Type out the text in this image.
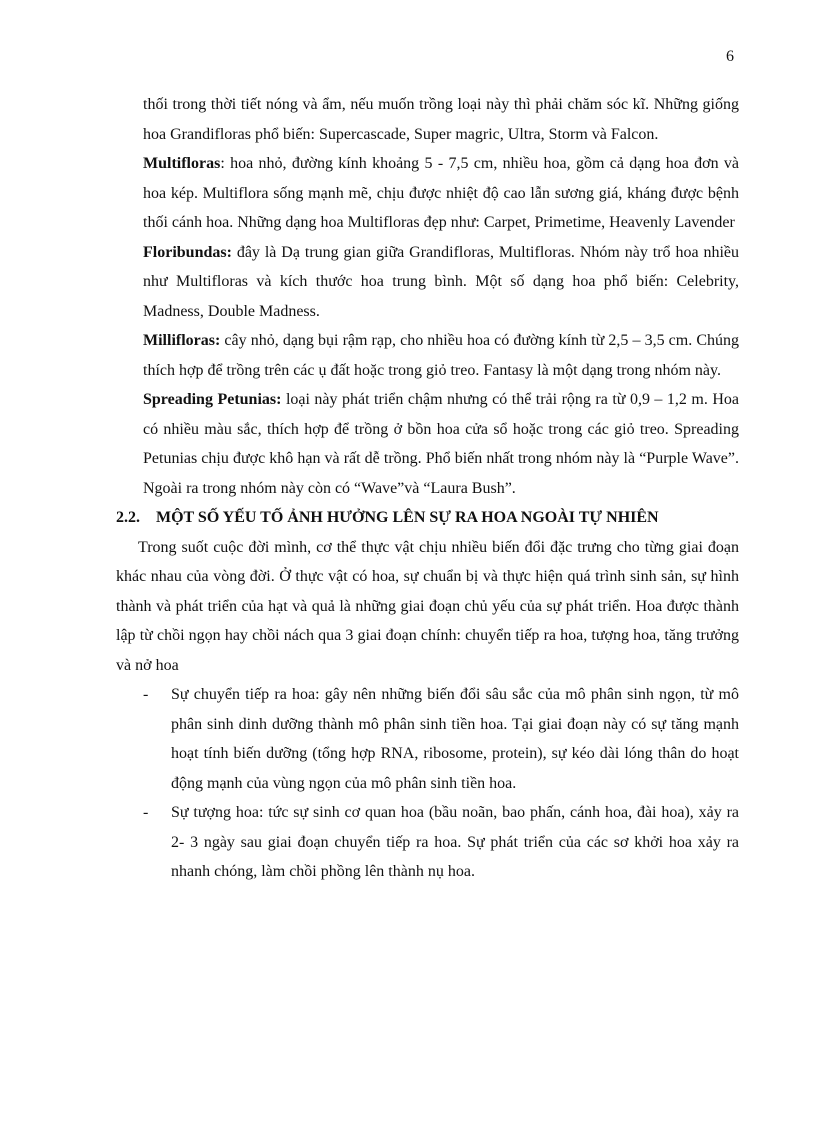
6

thối trong thời tiết nóng và ẩm, nếu muốn trồng loại này thì phải chăm sóc kĩ. Những giống hoa Grandifloras phổ biến: Supercascade, Super magric, Ultra, Storm và Falcon.

Multifloras: hoa nhỏ, đường kính khoảng 5 - 7,5 cm, nhiều hoa, gồm cả dạng hoa đơn và hoa kép. Multiflora sống mạnh mẽ, chịu được nhiệt độ cao lẫn sương giá, kháng được bệnh thối cánh hoa. Những dạng hoa Multifloras đẹp như: Carpet, Primetime, Heavenly Lavender

Floribundas: đây là Dạ trung gian giữa Grandifloras, Multifloras. Nhóm này trổ hoa nhiều như Multifloras và kích thước hoa trung bình. Một số dạng hoa phổ biến: Celebrity, Madness, Double Madness.

Millifloras: cây nhỏ, dạng bụi rậm rạp, cho nhiều hoa có đường kính từ 2,5 – 3,5 cm. Chúng thích hợp để trồng trên các ụ đất hoặc trong giỏ treo. Fantasy là một dạng trong nhóm này.

Spreading Petunias: loại này phát triển chậm nhưng có thể trải rộng ra từ 0,9 – 1,2 m. Hoa có nhiều màu sắc, thích hợp để trồng ở bồn hoa cửa sổ hoặc trong các giỏ treo. Spreading Petunias chịu được khô hạn và rất dễ trồng. Phổ biến nhất trong nhóm này là “Purple Wave”. Ngoài ra trong nhóm này còn có “Wave”và “Laura Bush”.

2.2. MỘT SỐ YẾU TỐ ẢNH HƯỞNG LÊN SỰ RA HOA NGOÀI TỰ NHIÊN

Trong suốt cuộc đời mình, cơ thể thực vật chịu nhiều biến đổi đặc trưng cho từng giai đoạn khác nhau của vòng đời. Ở thực vật có hoa, sự chuẩn bị và thực hiện quá trình sinh sản, sự hình thành và phát triển của hạt và quả là những giai đoạn chủ yếu của sự phát triển. Hoa được thành lập từ chồi ngọn hay chồi nách qua 3 giai đoạn chính: chuyển tiếp ra hoa, tượng hoa, tăng trưởng và nở hoa

- Sự chuyển tiếp ra hoa: gây nên những biến đổi sâu sắc của mô phân sinh ngọn, từ mô phân sinh dinh dưỡng thành mô phân sinh tiền hoa. Tại giai đoạn này có sự tăng mạnh hoạt tính biến dưỡng (tổng hợp RNA, ribosome, protein), sự kéo dài lóng thân do hoạt động mạnh của vùng ngọn của mô phân sinh tiền hoa.
- Sự tượng hoa: tức sự sinh cơ quan hoa (bầu noãn, bao phấn, cánh hoa, đài hoa), xảy ra 2- 3 ngày sau giai đoạn chuyển tiếp ra hoa. Sự phát triển của các sơ khởi hoa xảy ra nhanh chóng, làm chồi phồng lên thành nụ hoa.
